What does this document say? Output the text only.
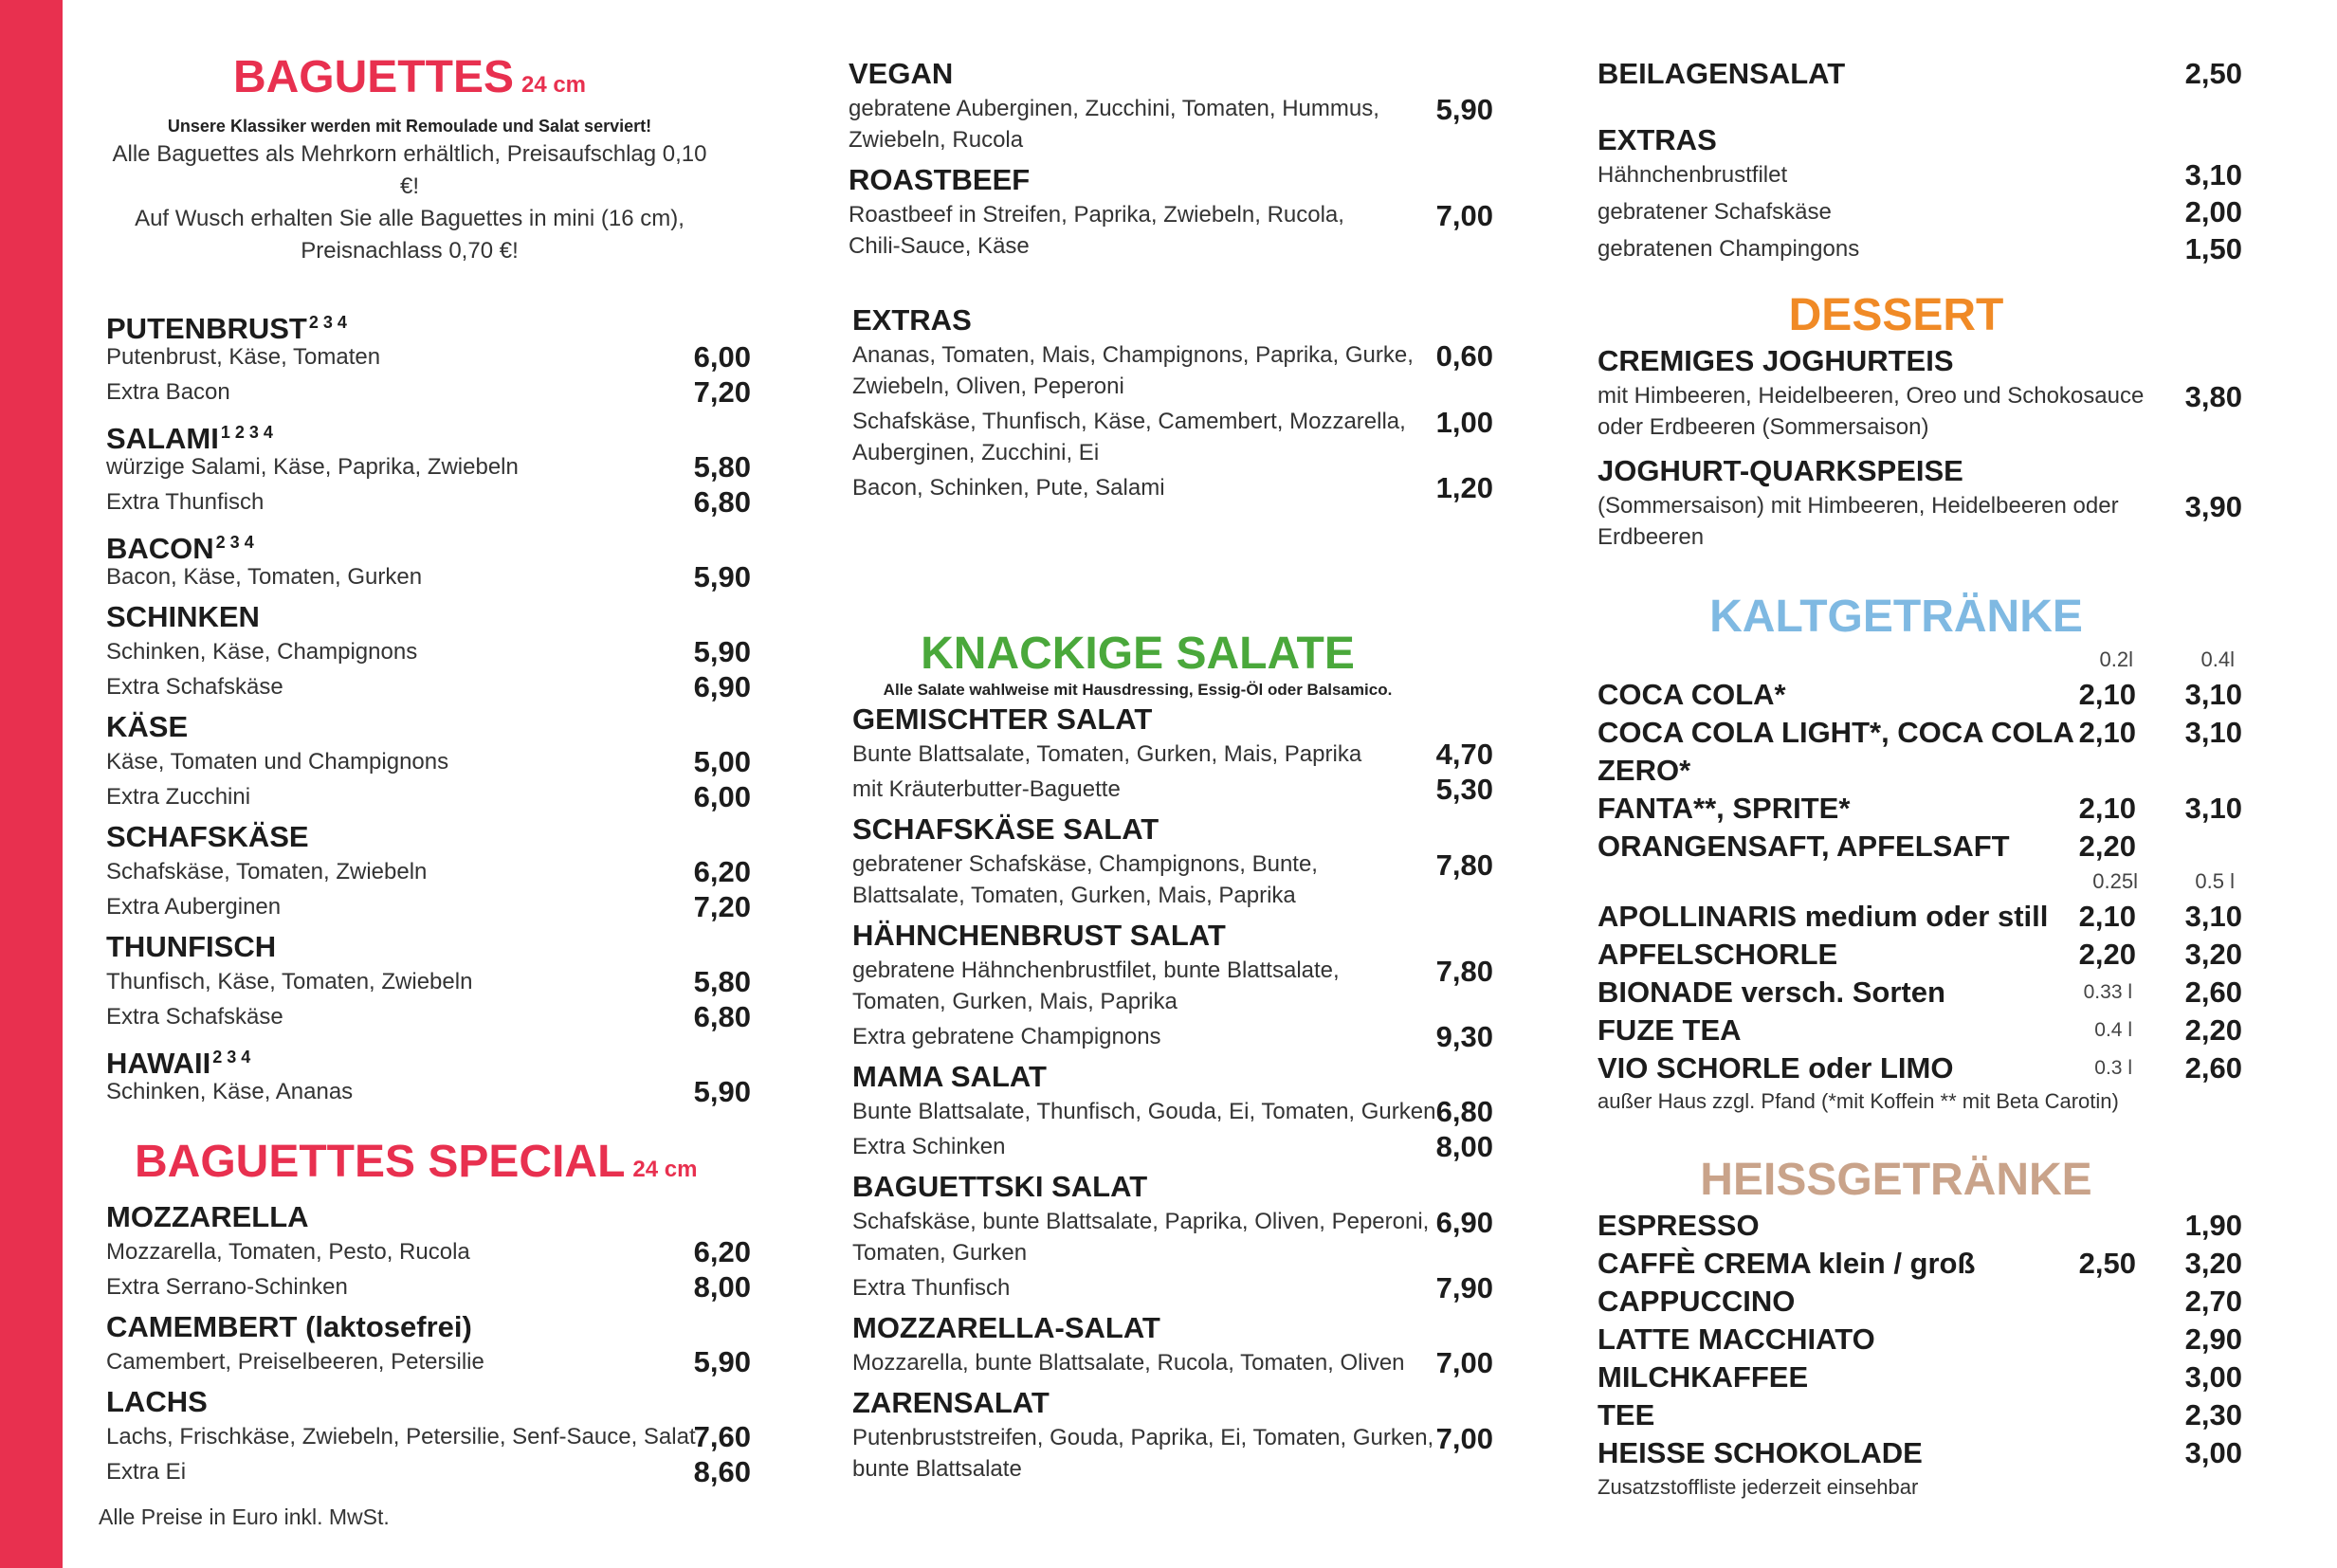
BAGUETTES 24 cm
Unsere Klassiker werden mit Remoulade und Salat serviert!
Alle Baguettes als Mehrkorn erhältlich, Preisaufschlag 0,10 €!
Auf Wusch erhalten Sie alle Baguettes in mini (16 cm),
Preisnachlass 0,70 €!
PUTENBRUST $^{2 3 4}$
Putenbrust, Käse, Tomaten	6,00
Extra Bacon	7,20
SALAMI $^{1 2 3 4}$
würzige Salami, Käse, Paprika, Zwiebeln	5,80
Extra Thunfisch	6,80
BACON $^{2 3 4}$
Bacon, Käse, Tomaten, Gurken	5,90
SCHINKEN
Schinken, Käse, Champignons	5,90
Extra Schafskäse	6,90
KÄSE
Käse, Tomaten und Champignons	5,00
Extra Zucchini	6,00
SCHAFSKÄSE
Schafskäse, Tomaten, Zwiebeln	6,20
Extra Auberginen	7,20
THUNFISCH
Thunfisch, Käse, Tomaten, Zwiebeln	5,80
Extra Schafskäse	6,80
HAWAII $^{2 3 4}$
Schinken, Käse, Ananas	5,90
BAGUETTES SPECIAL 24 cm
MOZZARELLA
Mozzarella, Tomaten, Pesto, Rucola	6,20
Extra Serrano-Schinken	8,00
CAMEMBERT (laktosefrei)
Camembert, Preiselbeeren, Petersilie	5,90
LACHS
Lachs, Frischkäse, Zwiebeln, Petersilie, Senf-Sauce, Salat
7,60
Extra Ei	8,60
Alle Preise in Euro inkl. MwSt.
VEGAN
gebratene Auberginen, Zucchini, Tomaten, Hummus,
Zwiebeln, Rucola
5,90
ROASTBEEF
Roastbeef in Streifen, Paprika, Zwiebeln, Rucola,
Chili-Sauce, Käse
7,00
EXTRAS
Ananas, Tomaten, Mais, Champignons, Paprika, Gurke,
Zwiebeln, Oliven, Peperoni
0,60
Schafskäse, Thunfisch, Käse, Camembert, Mozzarella,
Auberginen, Zucchini, Ei
1,00
Bacon, Schinken, Pute, Salami	1,20
KNACKIGE SALATE
Alle Salate wahlweise mit Hausdressing, Essig-Öl oder Balsamico.
GEMISCHTER SALAT
Bunte Blattsalate, Tomaten, Gurken, Mais, Paprika	4,70
mit Kräuterbutter-Baguette	5,30
SCHAFSKÄSE SALAT
gebratener Schafskäse, Champignons, Bunte,
Blattsalate, Tomaten, Gurken, Mais, Paprika
7,80
HÄHNCHENBRUST SALAT
gebratene Hähnchenbrustfilet, bunte Blattsalate,
Tomaten, Gurken, Mais, Paprika
7,80
Extra gebratene Champignons	9,30
MAMA SALAT
Bunte Blattsalate, Thunfisch, Gouda, Ei, Tomaten, Gurken 6,80
Extra Schinken	8,00
BAGUETTSKI SALAT
Schafskäse, bunte Blattsalate, Paprika, Oliven, Peperoni,
Tomaten, Gurken
6,90
Extra Thunfisch	7,90
MOZZARELLA-SALAT
Mozzarella, bunte Blattsalate, Rucola, Tomaten, Oliven	7,00
ZARENSALAT
Putenbruststreifen, Gouda, Paprika, Ei, Tomaten, Gurken,
bunte Blattsalate
7,00
BEILAGENSALAT	2,50
EXTRAS
Hähnchenbrustfilet	3,10
gebratener Schafskäse	2,00
gebratenen Champingons	1,50
DESSERT
CREMIGES JOGHURTEIS
mit Himbeeren, Heidelbeeren, Oreo und Schokosauce
oder Erdbeeren (Sommersaison)
3,80
JOGHURT-QUARKSPEISE
(Sommersaison) mit Himbeeren, Heidelbeeren oder
Erdbeeren
3,90
KALTGETRÄNKE
0.2l	0.4l
COCA COLA*	2,10 3,10
COCA COLA LIGHT*, COCA COLA 2,10 3,10
ZERO*
FANTA**, SPRITE*	2,10 3,10
ORANGENSAFT, APFELSAFT	2,20
0.25l	0.5 l
APOLLINARIS medium oder still	2,10 3,10
APFELSCHORLE	2,20 3,20
BIONADE versch. Sorten	0.33 l 2,60
FUZE TEA	0.4 l 2,20
VIO SCHORLE oder LIMO	0.3 l 2,60
außer Haus zzgl. Pfand (*mit Koffein ** mit Beta Carotin)
HEISSGETRÄNKE
ESPRESSO	1,90
CAFFÈ CREMA klein / groß	2,50 3,20
CAPPUCCINO	2,70
LATTE MACCHIATO	2,90
MILCHKAFFEE	3,00
TEE	2,30
HEISSE SCHOKOLADE	3,00
Zusatzstoffliste jederzeit einsehbar
